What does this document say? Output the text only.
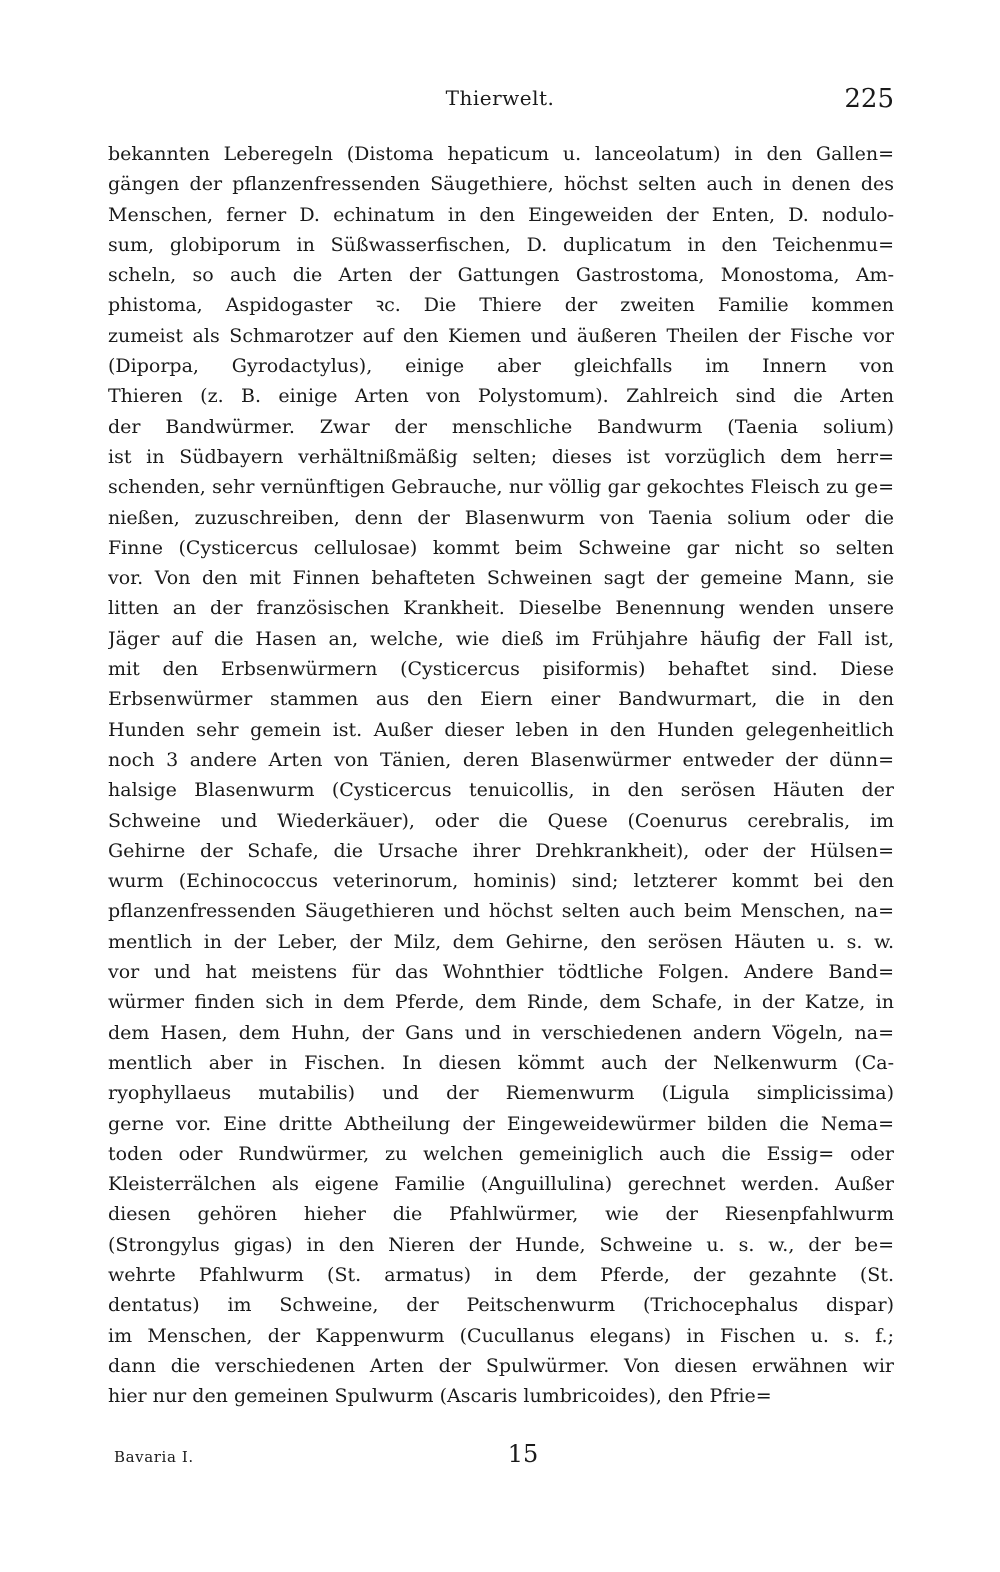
Thierwelt.	225
bekannten Leberegeln (Distoma hepaticum u. lanceolatum) in den Gallen=
gängen der pflanzenfressenden Säugethiere, höchst selten auch in denen des
Menschen, ferner D. echinatum in den Eingeweiden der Enten, D. nodulo-
sum, globiporum in Süßwasserfischen, D. duplicatum in den Teichenmu=
scheln, so auch die Arten der Gattungen Gastrostoma, Monostoma, Am-
phistoma, Aspidogaster ꝛc. Die Thiere der zweiten Familie kommen
zumeist als Schmarotzer auf den Kiemen und äußeren Theilen der Fische vor
(Diporpa, Gyrodactylus), einige aber gleichfalls im Innern von
Thieren (z. B. einige Arten von Polystomum). Zahlreich sind die Arten
der Bandwürmer. Zwar der menschliche Bandwurm (Taenia solium)
ist in Südbayern verhältnißmäßig selten; dieses ist vorzüglich dem herr=
schenden, sehr vernünftigen Gebrauche, nur völlig gar gekochtes Fleisch zu ge=
nießen, zuzuschreiben, denn der Blasenwurm von Taenia solium oder die
Finne (Cysticercus cellulosae) kommt beim Schweine gar nicht so selten
vor. Von den mit Finnen behafteten Schweinen sagt der gemeine Mann, sie
litten an der französischen Krankheit. Dieselbe Benennung wenden unsere
Jäger auf die Hasen an, welche, wie dieß im Frühjahre häufig der Fall ist,
mit den Erbsenwürmern (Cysticercus pisiformis) behaftet sind. Diese
Erbsenwürmer stammen aus den Eiern einer Bandwurmart, die in den
Hunden sehr gemein ist. Außer dieser leben in den Hunden gelegenheitlich
noch 3 andere Arten von Tänien, deren Blasenwürmer entweder der dünn=
halsige Blasenwurm (Cysticercus tenuicollis, in den serösen Häuten der
Schweine und Wiederkäuer), oder die Quese (Coenurus cerebralis, im
Gehirne der Schafe, die Ursache ihrer Drehkrankheit), oder der Hülsen=
wurm (Echinococcus veterinorum, hominis) sind; letzterer kommt bei den
pflanzenfressenden Säugethieren und höchst selten auch beim Menschen, na=
mentlich in der Leber, der Milz, dem Gehirne, den serösen Häuten u. s. w.
vor und hat meistens für das Wohnthier tödtliche Folgen. Andere Band=
würmer finden sich in dem Pferde, dem Rinde, dem Schafe, in der Katze, in
dem Hasen, dem Huhn, der Gans und in verschiedenen andern Vögeln, na=
mentlich aber in Fischen. In diesen kömmt auch der Nelkenwurm (Ca-
ryophyllaeus mutabilis) und der Riemenwurm (Ligula simplicissima)
gerne vor. Eine dritte Abtheilung der Eingeweidewürmer bilden die Nema=
toden oder Rundwürmer, zu welchen gemeiniglich auch die Essig= oder
Kleisterrälchen als eigene Familie (Anguillulina) gerechnet werden. Außer
diesen gehören hieher die Pfahlwürmer, wie der Riesenpfahlwurm
(Strongylus gigas) in den Nieren der Hunde, Schweine u. s. w., der be=
wehrte Pfahlwurm (St. armatus) in dem Pferde, der gezahnte (St.
dentatus) im Schweine, der Peitschenwurm (Trichocephalus dispar)
im Menschen, der Kappenwurm (Cucullanus elegans) in Fischen u. s. f.;
dann die verschiedenen Arten der Spulwürmer. Von diesen erwähnen wir
hier nur den gemeinen Spulwurm (Ascaris lumbricoides), den Pfrie=
Bavaria I.	15
